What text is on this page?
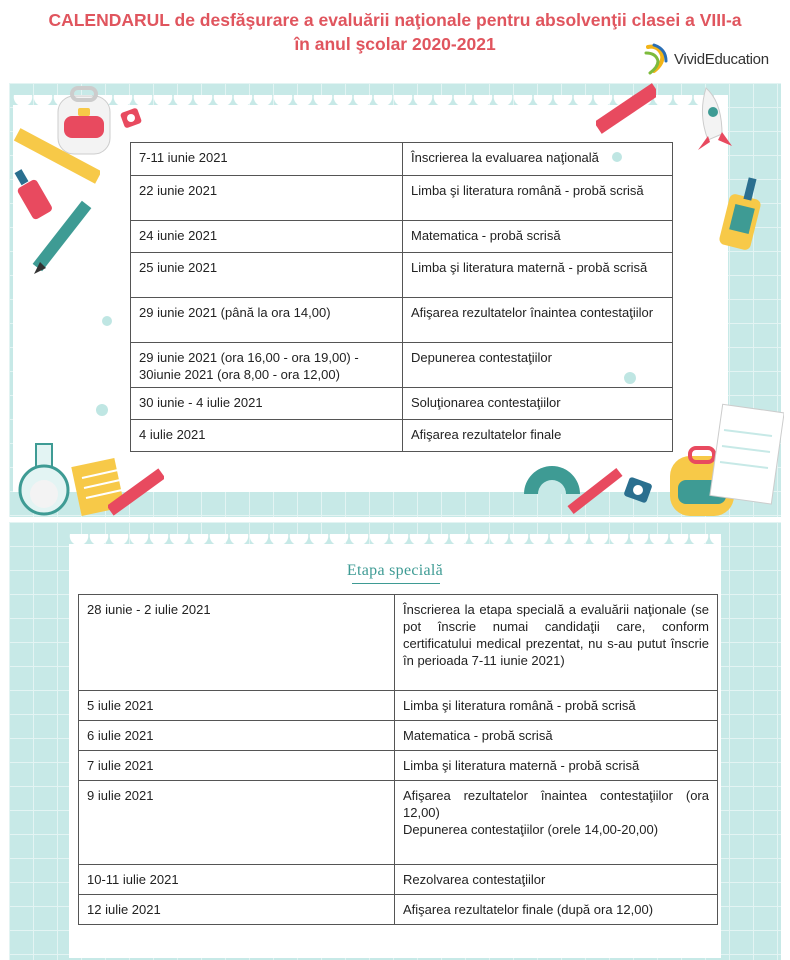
CALENDARUL de desfăşurare a evaluării naţionale pentru absolvenţii clasei a VIII-a
în anul şcolar 2020-2021
VividEducation
7-11 iunie 2021	Înscrierea la evaluarea naţională
22 iunie 2021	Limba şi literatura română - probă scrisă
24 iunie 2021	Matematica - probă scrisă
25 iunie 2021	Limba şi literatura maternă - probă scrisă
29 iunie 2021 (până la ora 14,00)	Afişarea rezultatelor înaintea contestaţiilor
29 iunie 2021 (ora 16,00 - ora 19,00) - 30iunie 2021 (ora 8,00 - ora 12,00)	Depunerea contestaţiilor
30 iunie - 4 iulie 2021	Soluţionarea contestaţiilor
4 iulie 2021	Afişarea rezultatelor finale
Etapa specială
28 iunie - 2 iulie 2021	Înscrierea la etapa specială a evaluării naţionale (se pot înscrie numai candidaţii care, conform certificatului medical prezentat, nu s-au putut înscrie în perioada 7-11 iunie 2021)
5 iulie 2021	Limba şi literatura română - probă scrisă
6 iulie 2021	Matematica - probă scrisă
7 iulie 2021	Limba şi literatura maternă - probă scrisă
9 iulie 2021	Afişarea rezultatelor înaintea contestaţiilor (ora 12,00)
Depunerea contestaţiilor (orele 14,00-20,00)

10-11 iulie 2021	Rezolvarea contestaţiilor
12 iulie 2021	Afişarea rezultatelor finale (după ora 12,00)
